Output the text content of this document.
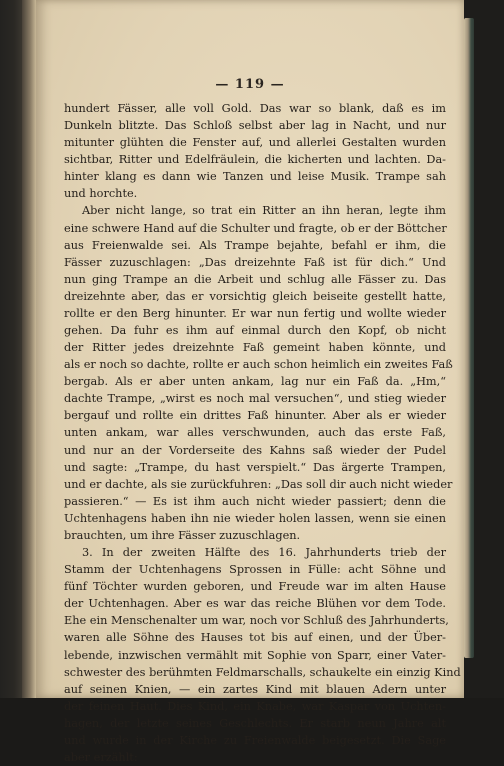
— 119 —
hundert Fässer, alle voll Gold. Das war so blank, daß es im
Dunkeln blitzte. Das Schloß selbst aber lag in Nacht, und nur
mitunter glühten die Fenster auf, und allerlei Gestalten wurden
sichtbar, Ritter und Edelfräulein, die kicherten und lachten. Da-
hinter klang es dann wie Tanzen und leise Musik. Trampe sah
und horchte.
Aber nicht lange, so trat ein Ritter an ihn heran, legte ihm
eine schwere Hand auf die Schulter und fragte, ob er der Böttcher
aus Freienwalde sei. Als Trampe bejahte, befahl er ihm, die
Fässer zuzuschlagen: „Das dreizehnte Faß ist für dich.“ Und
nun ging Trampe an die Arbeit und schlug alle Fässer zu. Das
dreizehnte aber, das er vorsichtig gleich beiseite gestellt hatte,
rollte er den Berg hinunter. Er war nun fertig und wollte wieder
gehen. Da fuhr es ihm auf einmal durch den Kopf, ob nicht
der Ritter jedes dreizehnte Faß gemeint haben könnte, und
als er noch so dachte, rollte er auch schon heimlich ein zweites Faß
bergab. Als er aber unten ankam, lag nur ein Faß da. „Hm,“
dachte Trampe, „wirst es noch mal versuchen“, und stieg wieder
bergauf und rollte ein drittes Faß hinunter. Aber als er wieder
unten ankam, war alles verschwunden, auch das erste Faß,
und nur an der Vorderseite des Kahns saß wieder der Pudel
und sagte: „Trampe, du hast verspielt.“ Das ärgerte Trampen,
und er dachte, als sie zurückfuhren: „Das soll dir auch nicht wieder
passieren.“ — Es ist ihm auch nicht wieder passiert; denn die
Uchtenhagens haben ihn nie wieder holen lassen, wenn sie einen
brauchten, um ihre Fässer zuzuschlagen.
3. In der zweiten Hälfte des 16. Jahrhunderts trieb der
Stamm der Uchtenhagens Sprossen in Fülle: acht Söhne und
fünf Töchter wurden geboren, und Freude war im alten Hause
der Uchtenhagen. Aber es war das reiche Blühen vor dem Tode.
Ehe ein Menschenalter um war, noch vor Schluß des Jahrhunderts,
waren alle Söhne des Hauses tot bis auf einen, und der Über-
lebende, inzwischen vermählt mit Sophie von Sparr, einer Vater-
schwester des berühmten Feldmarschalls, schaukelte ein einzig Kind
auf seinen Knien, — ein zartes Kind mit blauen Adern unter
der feinen Haut. Dies Kind, ein Knabe, war Kaspar von Uchten-
hagen, der letzte seines Geschlechts. Er starb neun Jahre alt
und wurde in der Kirche zu Freienwalde beigesetzt. Die Sage
aber erzählt:
